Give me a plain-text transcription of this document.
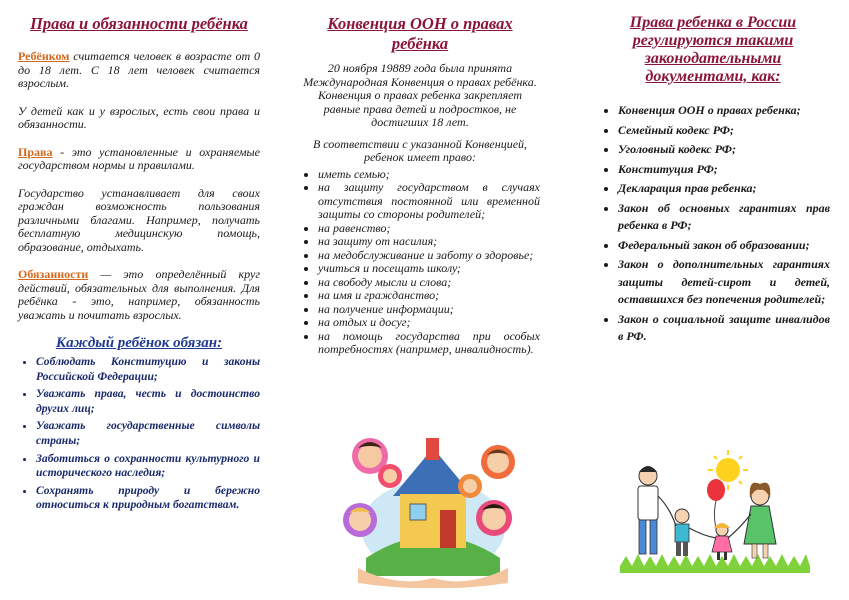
Права и обязанности ребёнка

Ребёнком считается человек в возрасте от 0 до 18 лет. С 18 лет человек считается взрослым.

У детей как и у взрослых, есть свои права и обязанности.

Права - это установленные и охраняемые государством нормы и правилами.

Государство устанавливает для своих граждан возможность пользования различными благами. Например, получать бесплатную медицинскую помощь, образование, отдыхать.

Обязанности — это определённый круг действий, обязательных для выполнения. Для ребёнка - это, например, обязанность уважать и почитать взрослых.

Каждый ребёнок обязан:
• Соблюдать Конституцию и законы Российской Федерации;
• Уважать права, честь и достоинство других лиц;
• Уважать государственные символы страны;
• Заботиться о сохранности культурного и исторического наследия;
• Сохранять природу и бережно относиться к природным богатствам.
Конвенция ООН о правах ребёнка

20 ноября 19889 года была принята Международная Конвенция о правах ребёнка. Конвенция о правах ребенка закрепляет равные права детей и подростков, не достигших 18 лет.

В соответствии с указанной Конвенцией, ребенок имеет право:

• иметь семью;
• на защиту государством в случаях отсутствия постоянной или временной защиты со стороны родителей;
• на равенство;
• на защиту от насилия;
• на медобслуживание и заботу о здоровье;
• учиться и посещать школу;
• на свободу мысли и слова;
• на имя и гражданство;
• на получение информации;
• на отдых и досуг;
• на помощь государства при особых потребностях (например, инвалидность).
Права ребенка в России регулируются такими законодательными документами, как:
• Конвенция ООН о правах ребенка;
• Семейный кодекс РФ;
• Уголовный кодекс РФ;
• Конституция РФ;
• Декларация прав ребенка;
• Закон об основных гарантиях прав ребенка в РФ;
• Федеральный закон об образовании;
• Закон о дополнительных гарантиях защиты детей-сирот и детей, оставшихся без попечения родителей;
• Закон о социальной защите инвалидов в РФ.
